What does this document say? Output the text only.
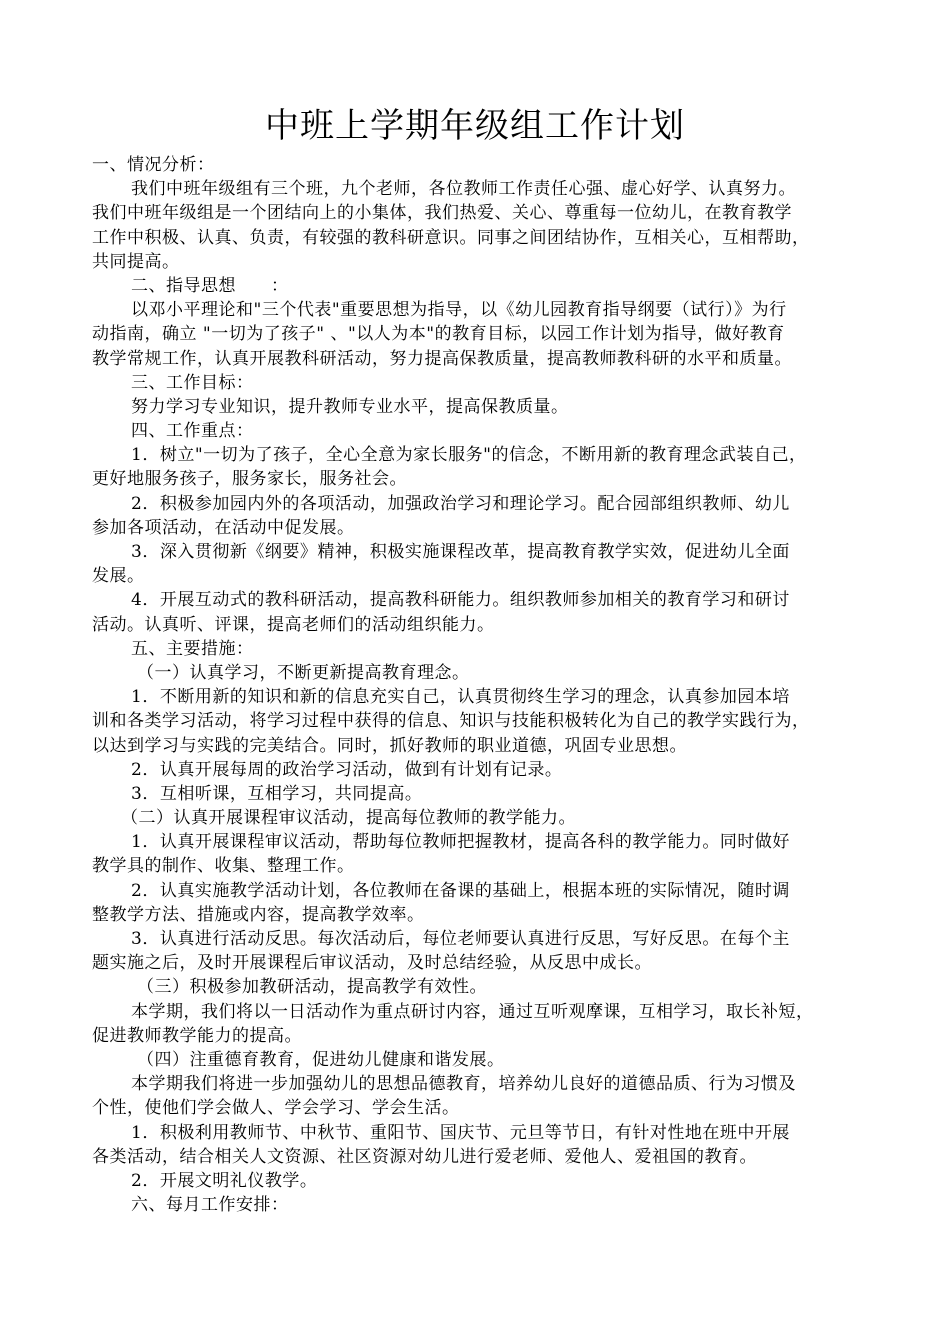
中班上学期年级组工作计划
一、情况分析：
我们中班年级组有三个班，九个老师，各位教师工作责任心强、虚心好学、认真努力。
我们中班年级组是一个团结向上的小集体，我们热爱、关心、尊重每一位幼儿，在教育教学
工作中积极、认真、负责，有较强的教科研意识。同事之间团结协作，互相关心，互相帮助，
共同提高。
二、指导思想　　：
以邓小平理论和"三个代表"重要思想为指导，以《幼儿园教育指导纲要（试行）》为行
动指南，确立 "一切为了孩子" 、"以人为本"的教育目标，以园工作计划为指导，做好教育
教学常规工作，认真开展教科研活动，努力提高保教质量，提高教师教科研的水平和质量。
三、工作目标：
努力学习专业知识，提升教师专业水平，提高保教质量。
四、工作重点：
1．树立"一切为了孩子，全心全意为家长服务"的信念，不断用新的教育理念武装自己，
更好地服务孩子，服务家长，服务社会。
2．积极参加园内外的各项活动，加强政治学习和理论学习。配合园部组织教师、幼儿
参加各项活动，在活动中促发展。
3．深入贯彻新《纲要》精神，积极实施课程改革，提高教育教学实效，促进幼儿全面
发展。
4．开展互动式的教科研活动，提高教科研能力。组织教师参加相关的教育学习和研讨
活动。认真听、评课，提高老师们的活动组织能力。
五、主要措施：
（一）认真学习，不断更新提高教育理念。
1．不断用新的知识和新的信息充实自己，认真贯彻终生学习的理念，认真参加园本培
训和各类学习活动，将学习过程中获得的信息、知识与技能积极转化为自己的教学实践行为，
以达到学习与实践的完美结合。同时，抓好教师的职业道德，巩固专业思想。
2．认真开展每周的政治学习活动，做到有计划有记录。
3．互相听课，互相学习，共同提高。
（二）认真开展课程审议活动，提高每位教师的教学能力。
1．认真开展课程审议活动，帮助每位教师把握教材，提高各科的教学能力。同时做好
教学具的制作、收集、整理工作。
2．认真实施教学活动计划，各位教师在备课的基础上，根据本班的实际情况，随时调
整教学方法、措施或内容，提高教学效率。
3．认真进行活动反思。每次活动后，每位老师要认真进行反思，写好反思。在每个主
题实施之后，及时开展课程后审议活动，及时总结经验，从反思中成长。
（三）积极参加教研活动，提高教学有效性。
本学期，我们将以一日活动作为重点研讨内容，通过互听观摩课，互相学习，取长补短，
促进教师教学能力的提高。
（四）注重德育教育，促进幼儿健康和谐发展。
本学期我们将进一步加强幼儿的思想品德教育，培养幼儿良好的道德品质、行为习惯及
个性，使他们学会做人、学会学习、学会生活。
1．积极利用教师节、中秋节、重阳节、国庆节、元旦等节日，有针对性地在班中开展
各类活动，结合相关人文资源、社区资源对幼儿进行爱老师、爱他人、爱祖国的教育。
2．开展文明礼仪教学。
六、每月工作安排：
